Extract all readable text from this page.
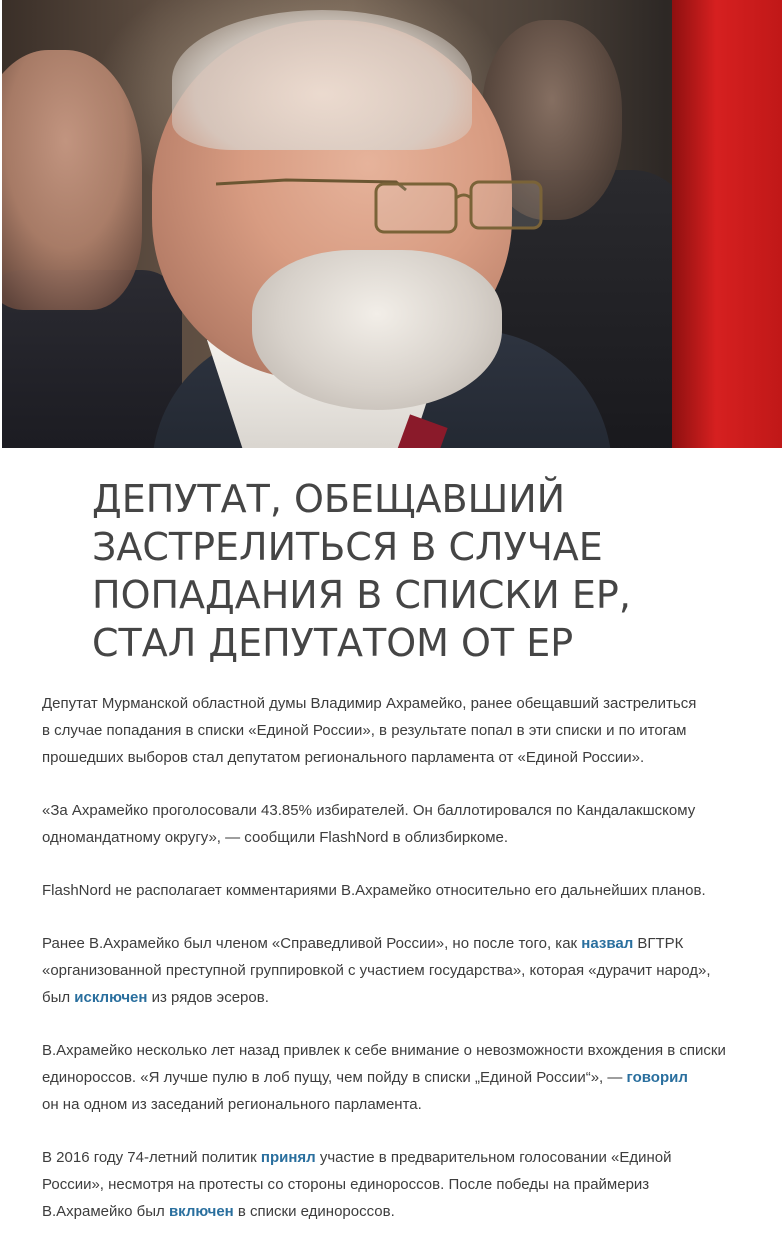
ДЕПУТАТ, ОБЕЩАВШИЙ ЗАСТРЕЛИТЬСЯ В СЛУЧАЕ ПОПАДАНИЯ В СПИСКИ ЕР, СТАЛ ДЕПУТАТОМ ОТ ЕР

Депутат Мурманской областной думы Владимир Ахрамейко, ранее обещавший застрелиться
в случае попадания в списки «Единой России», в результате попал в эти списки и по итогам
прошедших выборов стал депутатом регионального парламента от «Единой России».

«За Ахрамейко проголосовали 43.85% избирателей. Он баллотировался по Кандалакшскому
одномандатному округу», — сообщили FlashNord в облизбиркоме.

FlashNord не располагает комментариями В.Ахрамейко относительно его дальнейших планов.

Ранее В.Ахрамейко был членом «Справедливой России», но после того, как назвал ВГТРК
«организованной преступной группировкой с участием государства», которая «дурачит народ»,
был исключен из рядов эсеров.

В.Ахрамейко несколько лет назад привлек к себе внимание о невозможности вхождения в списки
единороссов. «Я лучше пулю в лоб пущу, чем пойду в списки „Единой России“», — говорил
он на одном из заседаний регионального парламента.

В 2016 году 74-летний политик принял участие в предварительном голосовании «Единой
России», несмотря на протесты со стороны единороссов. После победы на праймериз
В.Ахрамейко был включен в списки единороссов.
